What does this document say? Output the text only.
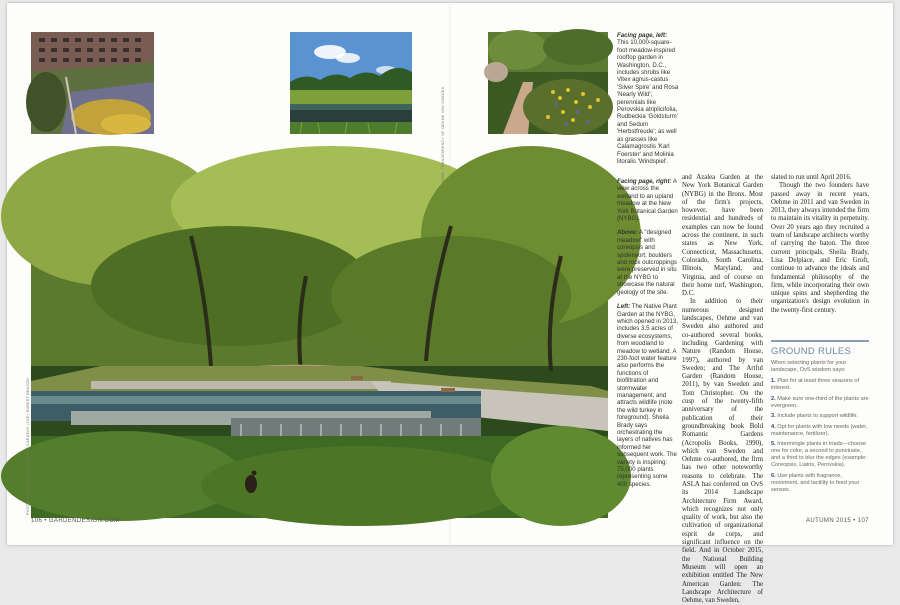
HOUSE: TRANSPARENCY OF OEHME VAN SWEDEN
PHOTOGRAPHED BY TK. TK. ANNE GARDENS (TOP) ROBERT BENSON

Facing page, left: This 10,000-square-foot meadow-inspired rooftop garden in Washington, D.C., includes shrubs like Vitex agnus-castus 'Silver Spire' and Rosa 'Nearly Wild'; perennials like Perovskia atriplicifolia, Rudbeckia 'Goldsturm' and Sedum 'Herbstfreude'; as well as grasses like Calamagrostis 'Karl Foerster' and Molinia litoralis 'Windspiel'.

Facing page, right: A view across the wetland to an upland meadow at the New York Botanical Garden (NYBG).

Above: A "designed meadow" with coreopsis and spiderwort; boulders and rock outcroppings were preserved in situ at the NYBG to showcase the natural geology of the site.

Left: The Native Plant Garden at the NYBG, which opened in 2013, includes 3.5 acres of diverse ecosystems, from woodland to meadow to wetland. A 230-foot water feature also performs the functions of biofiltration and stormwater management, and attracts wildlife (note the wild turkey in foreground). Sheila Brady says orchestrating the layers of natives has informed her subsequent work. The variety is inspiring: 75,000 plants representing some 400 species.

and Azalea Garden at the New York Botanical Garden (NYBG) in the Bronx. Most of the firm's projects, however, have been residential and hundreds of examples can now be found across the continent, in such states as New York, Connecticut, Massachusetts, Colorado, South Carolina, Illinois, Maryland, and Virginia, and of course on their home turf, Washington, D.C.

In addition to their numerous designed landscapes, Oehme and van Sweden also authored and co-authored several books, including Gardening with Nature (Random House, 1997), authored by van Sweden; and The Artful Garden (Random House, 2011), by van Sweden and Tom Christopher. On the cusp of the twenty-fifth anniversary of the publication of their groundbreaking book Bold Romantic Gardens (Acropolis Books, 1990), which van Sweden and Oehme co-authored, the firm has two other noteworthy reasons to celebrate. The ASLA has conferred on OvS its 2014 Landscape Architecture Firm Award, which recognizes not only quality of work, but also the cultivation of organizational esprit de corps, and significant influence on the field. And in October 2015, the National Building Museum will open an exhibition entitled The New American Garden: The Landscape Architecture of Oehme, van Sweden,

slated to run until April 2016.

Though the two founders have passed away in recent years, Oehme in 2011 and van Sweden in 2013, they always intended the firm to maintain its vitality in perpetuity. Over 20 years ago they recruited a team of landscape architects worthy of carrying the baton. The three current principals, Sheila Brady, Lisa Delplace, and Eric Groft, continue to advance the ideals and fundamental philosophy of the firm, while incorporating their own unique spins and shepherding the organization's design evolution in the twenty-first century.

GROUND RULES
When selecting plants for your landscape, OvS wisdom says:
1. Plan for at least three seasons of interest.
2. Make sure one-third of the plants are evergreen.
3. Include plants to support wildlife.
4. Opt for plants with low needs (water, maintenance, fertilizer).
5. Intermingle plants in triads—choose one for color, a second to punctuate, and a third to blur the edges (example: Coreopsis, Liatris, Perovskia).
6. Use plants with fragrance, movement, and tactility to feed your senses.
106 • GARDENDESIGN.COM	AUTUMN 2015 • 107
